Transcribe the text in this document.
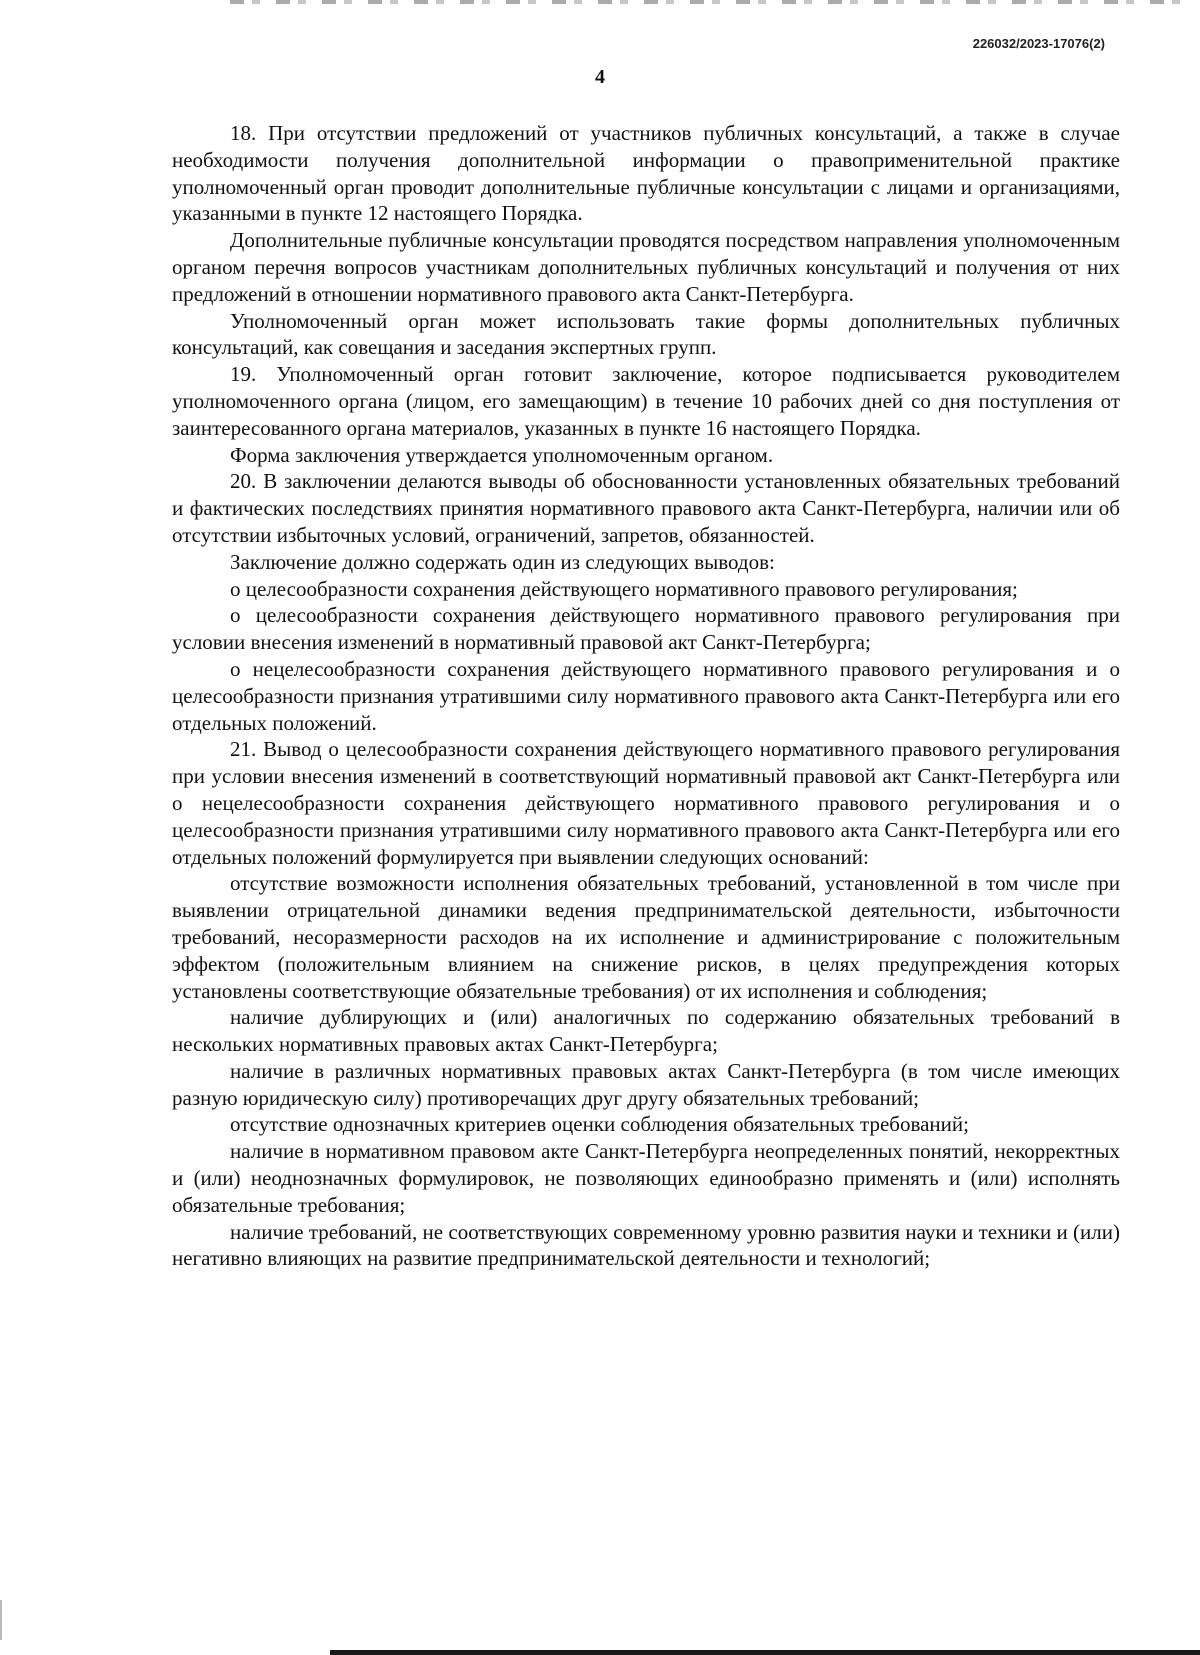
226032/2023-17076(2)
4

18. При отсутствии предложений от участников публичных консультаций, а также в случае необходимости получения дополнительной информации о правоприменительной практике уполномоченный орган проводит дополнительные публичные консультации с лицами и организациями, указанными в пункте 12 настоящего Порядка.

Дополнительные публичные консультации проводятся посредством направления уполномоченным органом перечня вопросов участникам дополнительных публичных консультаций и получения от них предложений в отношении нормативного правового акта Санкт-Петербурга.

Уполномоченный орган может использовать такие формы дополнительных публичных консультаций, как совещания и заседания экспертных групп.

19. Уполномоченный орган готовит заключение, которое подписывается руководителем уполномоченного органа (лицом, его замещающим) в течение 10 рабочих дней со дня поступления от заинтересованного органа материалов, указанных в пункте 16 настоящего Порядка.

Форма заключения утверждается уполномоченным органом.

20. В заключении делаются выводы об обоснованности установленных обязательных требований и фактических последствиях принятия нормативного правового акта Санкт-Петербурга, наличии или об отсутствии избыточных условий, ограничений, запретов, обязанностей.

Заключение должно содержать один из следующих выводов:

о целесообразности сохранения действующего нормативного правового регулирования;

о целесообразности сохранения действующего нормативного правового регулирования при условии внесения изменений в нормативный правовой акт Санкт-Петербурга;

о нецелесообразности сохранения действующего нормативного правового регулирования и о целесообразности признания утратившими силу нормативного правового акта Санкт-Петербурга или его отдельных положений.

21. Вывод о целесообразности сохранения действующего нормативного правового регулирования при условии внесения изменений в соответствующий нормативный правовой акт Санкт-Петербурга или о нецелесообразности сохранения действующего нормативного правового регулирования и о целесообразности признания утратившими силу нормативного правового акта Санкт-Петербурга или его отдельных положений формулируется при выявлении следующих оснований:

отсутствие возможности исполнения обязательных требований, установленной в том числе при выявлении отрицательной динамики ведения предпринимательской деятельности, избыточности требований, несоразмерности расходов на их исполнение и администрирование с положительным эффектом (положительным влиянием на снижение рисков, в целях предупреждения которых установлены соответствующие обязательные требования) от их исполнения и соблюдения;

наличие дублирующих и (или) аналогичных по содержанию обязательных требований в нескольких нормативных правовых актах Санкт-Петербурга;

наличие в различных нормативных правовых актах Санкт-Петербурга (в том числе имеющих разную юридическую силу) противоречащих друг другу обязательных требований;

отсутствие однозначных критериев оценки соблюдения обязательных требований;

наличие в нормативном правовом акте Санкт-Петербурга неопределенных понятий, некорректных и (или) неоднозначных формулировок, не позволяющих единообразно применять и (или) исполнять обязательные требования;

наличие требований, не соответствующих современному уровню развития науки и техники и (или) негативно влияющих на развитие предпринимательской деятельности и технологий;
